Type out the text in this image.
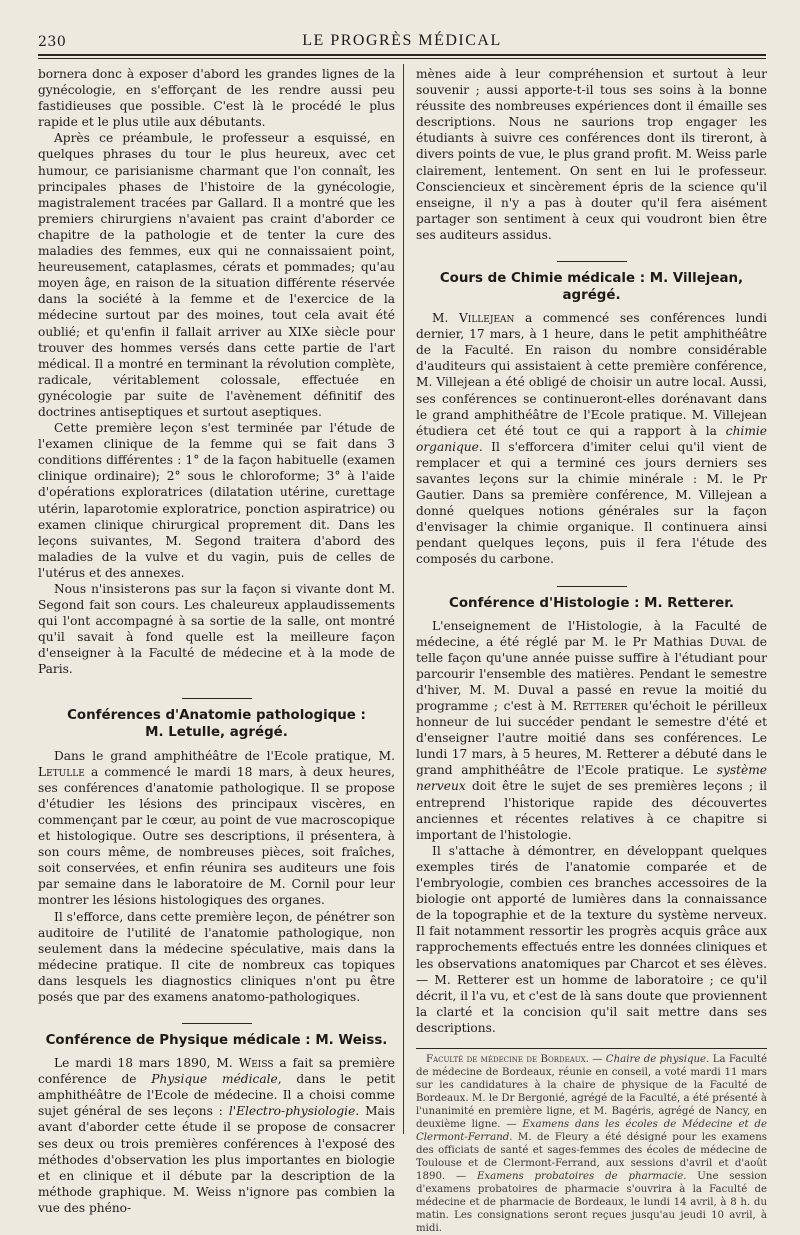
230	LE PROGRÈS MÉDICAL

bornera donc à exposer d'abord les grandes lignes de la gynécologie, en s'efforçant de les rendre aussi peu fastidieuses que possible. C'est là le procédé le plus rapide et le plus utile aux débutants.

Après ce préambule, le professeur a esquissé, en quelques phrases du tour le plus heureux, avec cet humour, ce parisianisme charmant que l'on connaît, les principales phases de l'histoire de la gynécologie, magistralement tracées par Gallard. Il a montré que les premiers chirurgiens n'avaient pas craint d'aborder ce chapitre de la pathologie et de tenter la cure des maladies des femmes, eux qui ne connaissaient point, heureusement, cataplasmes, cérats et pommades; qu'au moyen âge, en raison de la situation différente réservée dans la société à la femme et de l'exercice de la médecine surtout par des moines, tout cela avait été oublié; et qu'enfin il fallait arriver au XIXe siècle pour trouver des hommes versés dans cette partie de l'art médical. Il a montré en terminant la révolution complète, radicale, véritablement colossale, effectuée en gynécologie par suite de l'avènement définitif des doctrines antiseptiques et surtout aseptiques.

Cette première leçon s'est terminée par l'étude de l'examen clinique de la femme qui se fait dans 3 conditions différentes : 1° de la façon habituelle (examen clinique ordinaire); 2° sous le chloroforme; 3° à l'aide d'opérations exploratrices (dilatation utérine, curettage utérin, laparotomie exploratrice, ponction aspiratrice) ou examen clinique chirurgical proprement dit. Dans les leçons suivantes, M. Segond traitera d'abord des maladies de la vulve et du vagin, puis de celles de l'utérus et des annexes.

Nous n'insisterons pas sur la façon si vivante dont M. Segond fait son cours. Les chaleureux applaudissements qui l'ont accompagné à sa sortie de la salle, ont montré qu'il savait à fond quelle est la meilleure façon d'enseigner à la Faculté de médecine et à la mode de Paris.

Conférences d'Anatomie pathologique :
M. Letulle, agrégé.

Dans le grand amphithéâtre de l'Ecole pratique, M. Letulle a commencé le mardi 18 mars, à deux heures, ses conférences d'anatomie pathologique. Il se propose d'étudier les lésions des principaux viscères, en commençant par le cœur, au point de vue macroscopique et histologique. Outre ses descriptions, il présentera, à son cours même, de nombreuses pièces, soit fraîches, soit conservées, et enfin réunira ses auditeurs une fois par semaine dans le laboratoire de M. Cornil pour leur montrer les lésions histologiques des organes.

Il s'efforce, dans cette première leçon, de pénétrer son auditoire de l'utilité de l'anatomie pathologique, non seulement dans la médecine spéculative, mais dans la médecine pratique. Il cite de nombreux cas topiques dans lesquels les diagnostics cliniques n'ont pu être posés que par des examens anatomo-pathologiques.

Conférence de Physique médicale : M. Weiss.

Le mardi 18 mars 1890, M. Weiss a fait sa première conférence de Physique médicale, dans le petit amphithéâtre de l'Ecole de médecine. Il a choisi comme sujet général de ses leçons : l'Electro-physiologie. Mais avant d'aborder cette étude il se propose de consacrer ses deux ou trois premières conférences à l'exposé des méthodes d'observation les plus importantes en biologie et en clinique et il débute par la description de la méthode graphique. M. Weiss n'ignore pas combien la vue des phéno-

mènes aide à leur compréhension et surtout à leur souvenir ; aussi apporte-t-il tous ses soins à la bonne réussite des nombreuses expériences dont il émaille ses descriptions. Nous ne saurions trop engager les étudiants à suivre ces conférences dont ils tireront, à divers points de vue, le plus grand profit. M. Weiss parle clairement, lentement. On sent en lui le professeur. Consciencieux et sincèrement épris de la science qu'il enseigne, il n'y a pas à douter qu'il fera aisément partager son sentiment à ceux qui voudront bien être ses auditeurs assidus.

Cours de Chimie médicale : M. Villejean,
agrégé.

M. Villejean a commencé ses conférences lundi dernier, 17 mars, à 1 heure, dans le petit amphithéâtre de la Faculté. En raison du nombre considérable d'auditeurs qui assistaient à cette première conférence, M. Villejean a été obligé de choisir un autre local. Aussi, ses conférences se continueront-elles dorénavant dans le grand amphithéâtre de l'Ecole pratique. M. Villejean étudiera cet été tout ce qui a rapport à la chimie organique. Il s'efforcera d'imiter celui qu'il vient de remplacer et qui a terminé ces jours derniers ses savantes leçons sur la chimie minérale : M. le Pr Gautier. Dans sa première conférence, M. Villejean a donné quelques notions générales sur la façon d'envisager la chimie organique. Il continuera ainsi pendant quelques leçons, puis il fera l'étude des composés du carbone.

Conférence d'Histologie : M. Retterer.

L'enseignement de l'Histologie, à la Faculté de médecine, a été réglé par M. le Pr Mathias Duval de telle façon qu'une année puisse suffire à l'étudiant pour parcourir l'ensemble des matières. Pendant le semestre d'hiver, M. M. Duval a passé en revue la moitié du programme ; c'est à M. Retterer qu'échoit le périlleux honneur de lui succéder pendant le semestre d'été et d'enseigner l'autre moitié dans ses conférences. Le lundi 17 mars, à 5 heures, M. Retterer a débuté dans le grand amphithéâtre de l'Ecole pratique. Le système nerveux doit être le sujet de ses premières leçons ; il entreprend l'historique rapide des découvertes anciennes et récentes relatives à ce chapitre si important de l'histologie.

Il s'attache à démontrer, en développant quelques exemples tirés de l'anatomie comparée et de l'embryologie, combien ces branches accessoires de la biologie ont apporté de lumières dans la connaissance de la topographie et de la texture du système nerveux. Il fait notamment ressortir les progrès acquis grâce aux rapprochements effectués entre les données cliniques et les observations anatomiques par Charcot et ses élèves.— M. Retterer est un homme de laboratoire ; ce qu'il décrit, il l'a vu, et c'est de là sans doute que proviennent la clarté et la concision qu'il sait mettre dans ses descriptions.

Faculté de médecine de Bordeaux. — Chaire de physique. La Faculté de médecine de Bordeaux, réunie en conseil, a voté mardi 11 mars sur les candidatures à la chaire de physique de la Faculté de Bordeaux. M. le Dr Bergonié, agrégé de la Faculté, a été présenté à l'unanimité en première ligne, et M. Bagéris, agrégé de Nancy, en deuxième ligne. — Examens dans les écoles de Médecine et de Clermont-Ferrand. M. de Fleury a été désigné pour les examens des officiats de santé et sages-femmes des écoles de médecine de Toulouse et de Clermont-Ferrand, aux sessions d'avril et d'août 1890. — Examens probatoires de pharmacie. Une session d'examens probatoires de pharmacie s'ouvrira à la Faculté de médecine et de pharmacie de Bordeaux, le lundi 14 avril, à 8 h. du matin. Les consignations seront reçues jusqu'au jeudi 10 avril, à midi.
